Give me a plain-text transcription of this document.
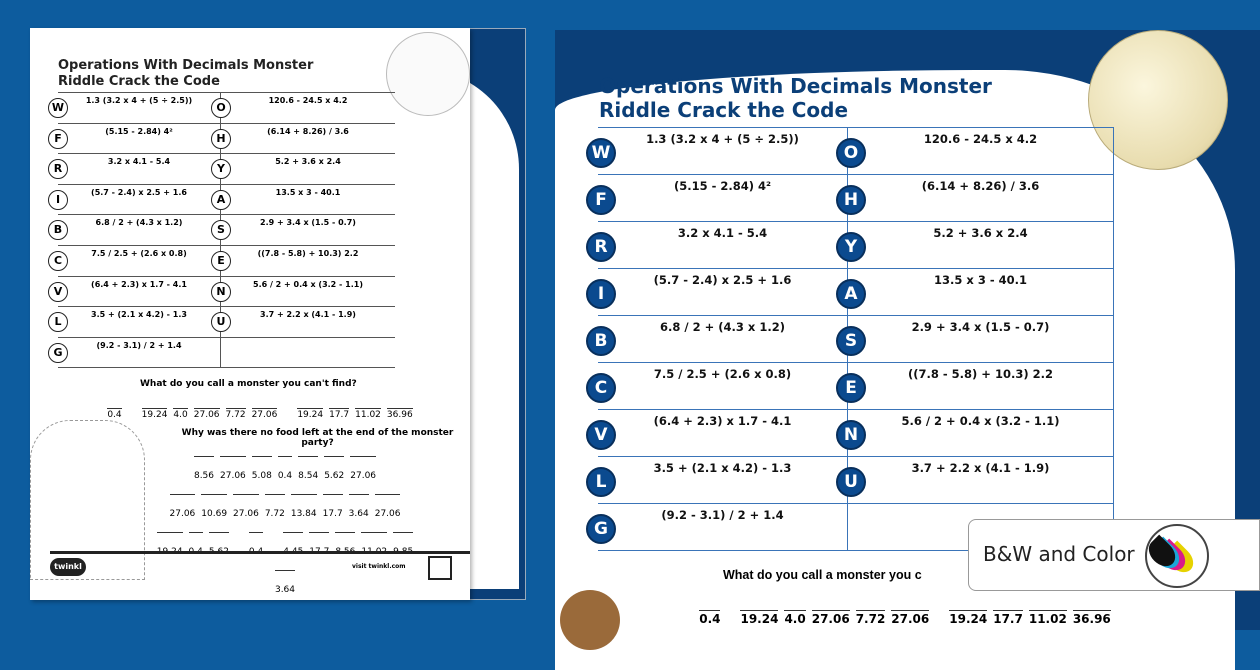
Operations With Decimals Monster
Riddle Crack the Code
W
1.3 (3.2 x 4 + (5 ÷ 2.5))
O
120.6 - 24.5 x 4.2
F
(5.15 - 2.84) 4²
H
(6.14 + 8.26) / 3.6
R
3.2 x 4.1 - 5.4
Y
5.2 + 3.6 x 2.4
I
(5.7 - 2.4) x 2.5 + 1.6
A
13.5 x 3 - 40.1
B
6.8 / 2 + (4.3 x 1.2)
S
2.9 + 3.4 x (1.5 - 0.7)
C
7.5 / 2.5 + (2.6 x 0.8)
E
((7.8 - 5.8) + 10.3) 2.2
V
(6.4 + 2.3) x 1.7 - 4.1
N
5.6 / 2 + 0.4 x (3.2 - 1.1)
L
3.5 + (2.1 x 4.2) - 1.3
U
3.7 + 2.2 x (4.1 - 1.9)
G
(9.2 - 3.1) / 2 + 1.4
What do you call a monster you can't find?
0.4 19.24 4.0 27.06 7.72 27.06 19.24 17.7 11.02 36.96
Why was there no food left at the end of the monster party?
8.56 27.06 5.08 0.4 8.54 5.62 27.06
27.06 10.69 27.06 7.72 13.84 17.7 3.64 27.06
3.64
twinkl	visit twinkl.com
Operations With Decimals Monster
Riddle Crack the Code
W
1.3 (3.2 x 4 + (5 ÷ 2.5))
O
120.6 - 24.5 x 4.2
F
(5.15 - 2.84) 4²
H
(6.14 + 8.26) / 3.6
R
3.2 x 4.1 - 5.4
Y
5.2 + 3.6 x 2.4
I
(5.7 - 2.4) x 2.5 + 1.6
A
13.5 x 3 - 40.1
B
6.8 / 2 + (4.3 x 1.2)
S
2.9 + 3.4 x (1.5 - 0.7)
C
7.5 / 2.5 + (2.6 x 0.8)
E
((7.8 - 5.8) + 10.3) 2.2
V
(6.4 + 2.3) x 1.7 - 4.1
N
5.6 / 2 + 0.4 x (3.2 - 1.1)
L
3.5 + (2.1 x 4.2) - 1.3
U
3.7 + 2.2 x (4.1 - 1.9)
G
(9.2 - 3.1) / 2 + 1.4
What do you call a monster you c
0.4 19.24 4.0 27.06 7.72 27.06 19.24 17.7 11.02 36.96
B&W and Color
